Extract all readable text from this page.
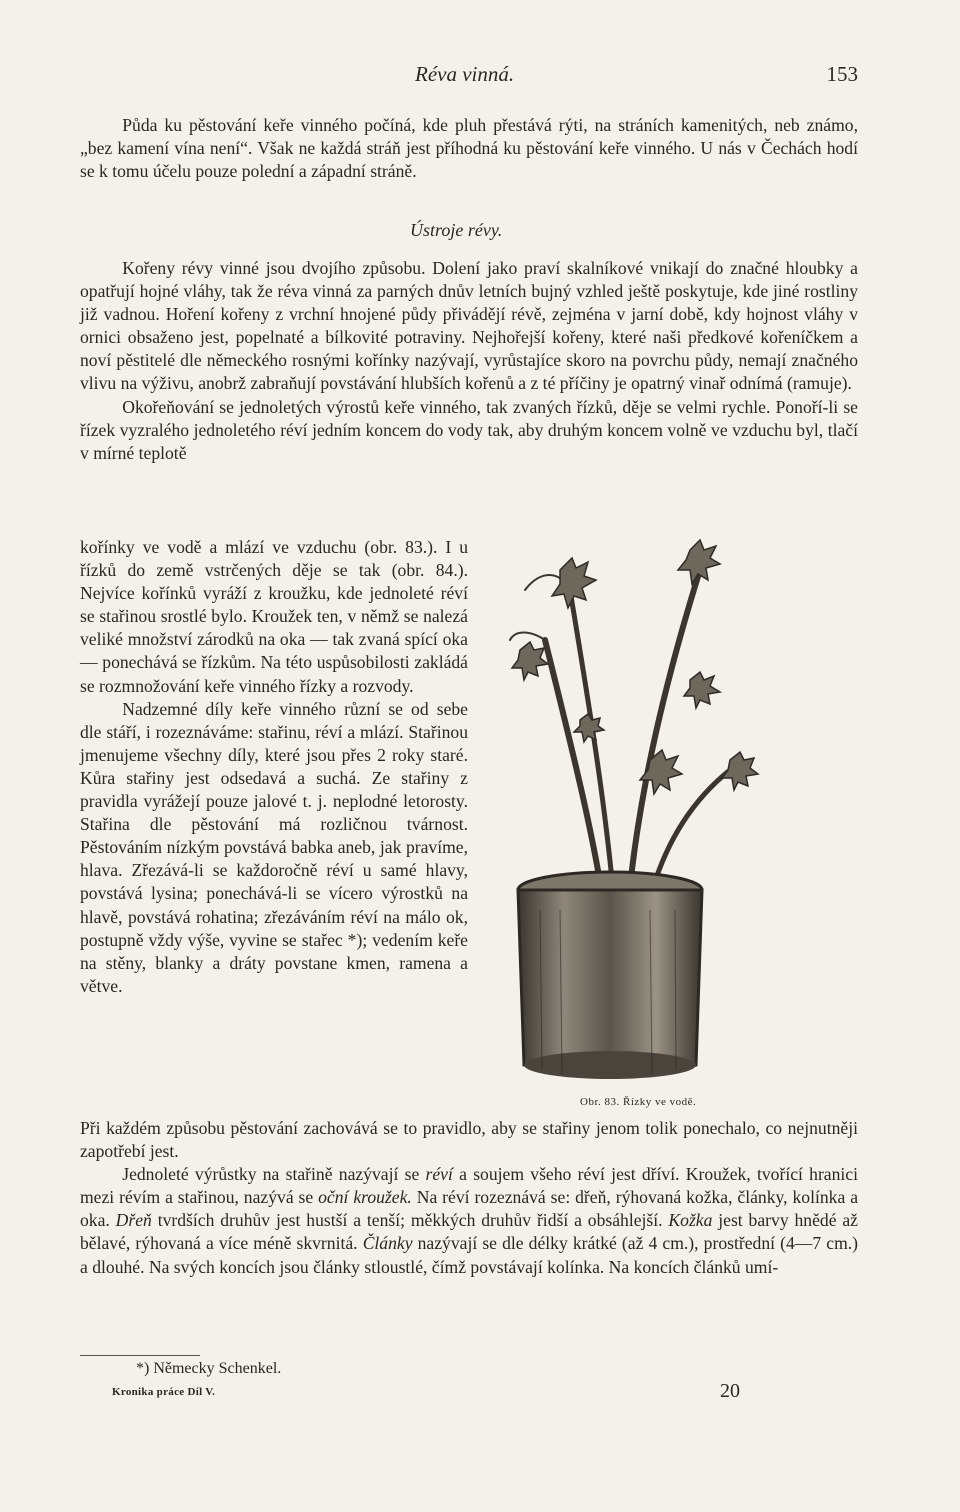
Réva vinná.	153

Půda ku pěstování keře vinného počíná, kde pluh přestává rýti, na stráních kamenitých, neb známo, „bez kamení vína není“. Však ne každá stráň jest příhodná ku pěstování keře vinného. U nás v Čechách hodí se k tomu účelu pouze polední a západní stráně.

Ústroje révy.

Kořeny révy vinné jsou dvojího způsobu. Dolení jako praví skalníkové vnikají do značné hloubky a opatřují hojné vláhy, tak že réva vinná za parných dnův letních bujný vzhled ještě poskytuje, kde jiné rostliny již vadnou. Hoření kořeny z vrchní hnojené půdy přivádějí révě, zejména v jarní době, kdy hojnost vláhy v ornici obsaženo jest, popelnaté a bílkovité potraviny. Nejhořejší kořeny, které naši předkové kořeníčkem a noví pěstitelé dle německého rosnými kořínky nazývají, vyrůstajíce skoro na povrchu půdy, nemají značného vlivu na výživu, anobrž zabraňují povstávání hlubších kořenů a z té příčiny je opatrný vinař odnímá (ramuje).

Okořeňování se jednoletých výrostů keře vinného, tak zvaných řízků, děje se velmi rychle. Ponoří-li se řízek vyzralého jednoletého réví jedním koncem do vody tak, aby druhým koncem volně ve vzduchu byl, tlačí v mírné teplotě

kořínky ve vodě a mlází ve vzduchu (obr. 83.). I u řízků do země vstrčených děje se tak (obr. 84.). Nejvíce kořínků vyráží z kroužku, kde jednoleté réví se stařinou srostlé bylo. Kroužek ten, v němž se nalezá veliké množství zárodků na oka — tak zvaná spící oka — ponechává se řízkům. Na této uspůsobilosti zakládá se rozmnožování keře vinného řízky a rozvody.

Nadzemné díly keře vinného různí se od sebe dle stáří, i rozeznáváme: stařinu, réví a mlází. Stařinou jmenujeme všechny díly, které jsou přes 2 roky staré. Kůra stařiny jest odsedavá a suchá. Ze stařiny z pravidla vyrážejí pouze jalové t. j. neplodné letorosty. Stařina dle pěstování má rozličnou tvárnost. Pěstováním nízkým povstává babka aneb, jak pravíme, hlava. Zřezává-li se každoročně réví u samé hlavy, povstává lysina; ponechává-li se vícero výrostků na hlavě, povstává rohatina; zřezáváním réví na málo ok, postupně vždy výše, vyvine se stařec *); vedením keře na stěny, blanky a dráty povstane kmen, ramena a větve.

Obr. 83. Řízky ve vodě.

Při každém způsobu pěstování zachovává se to pravidlo, aby se stařiny jenom tolik ponechalo, co nejnutněji zapotřebí jest.

Jednoleté výrůstky na stařině nazývají se réví a soujem všeho réví jest dříví. Kroužek, tvořící hranici mezi révím a stařinou, nazývá se oční kroužek. Na réví rozeznává se: dřeň, rýhovaná kožka, články, kolínka a oka. Dřeň tvrdších druhův jest hustší a tenší; měkkých druhův řidší a obsáhlejší. Kožka jest barvy hnědé až bělavé, rýhovaná a více méně skvrnitá. Články nazývají se dle délky krátké (až 4 cm.), prostřední (4—7 cm.) a dlouhé. Na svých koncích jsou články stloustlé, čímž povstávají kolínka. Na koncích článků umí-

*) Německy Schenkel.
Kronika práce Díl V.	20
